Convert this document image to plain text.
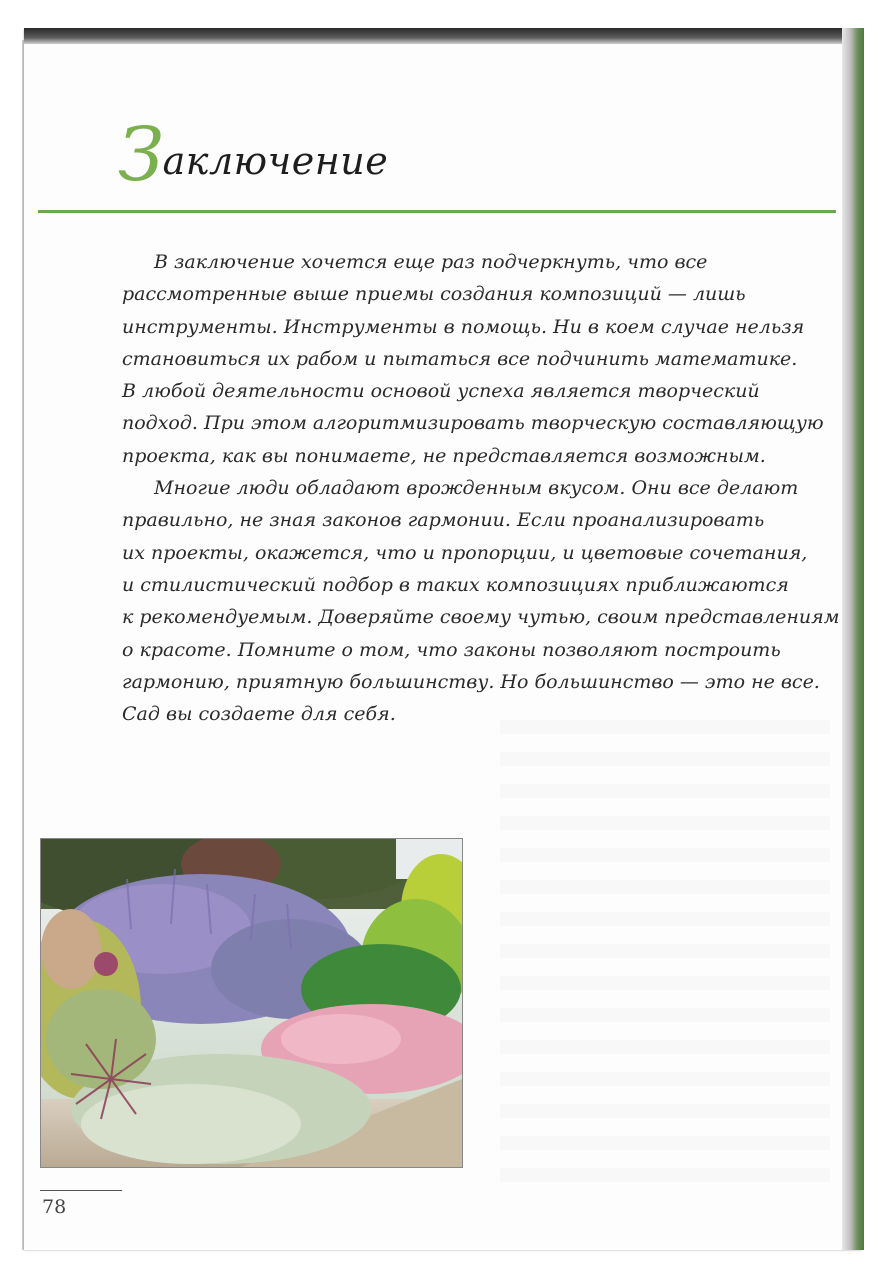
Заключение
В заключение хочется еще раз подчеркнуть, что все
рассмотренные выше приемы создания композиций — лишь
инструменты. Инструменты в помощь. Ни в коем случае нельзя
становиться их рабом и пытаться все подчинить математике.
В любой деятельности основой успеха является творческий
подход. При этом алгоритмизировать творческую составляющую
проекта, как вы понимаете, не представляется возможным.
Многие люди обладают врожденным вкусом. Они все делают
правильно, не зная законов гармонии. Если проанализировать
их проекты, окажется, что и пропорции, и цветовые сочетания,
и стилистический подбор в таких композициях приближаются
к рекомендуемым. Доверяйте своему чутью, своим представлениям
о красоте. Помните о том, что законы позволяют построить
гармонию, приятную большинству. Но большинство — это не все.
Сад вы создаете для себя.
78
